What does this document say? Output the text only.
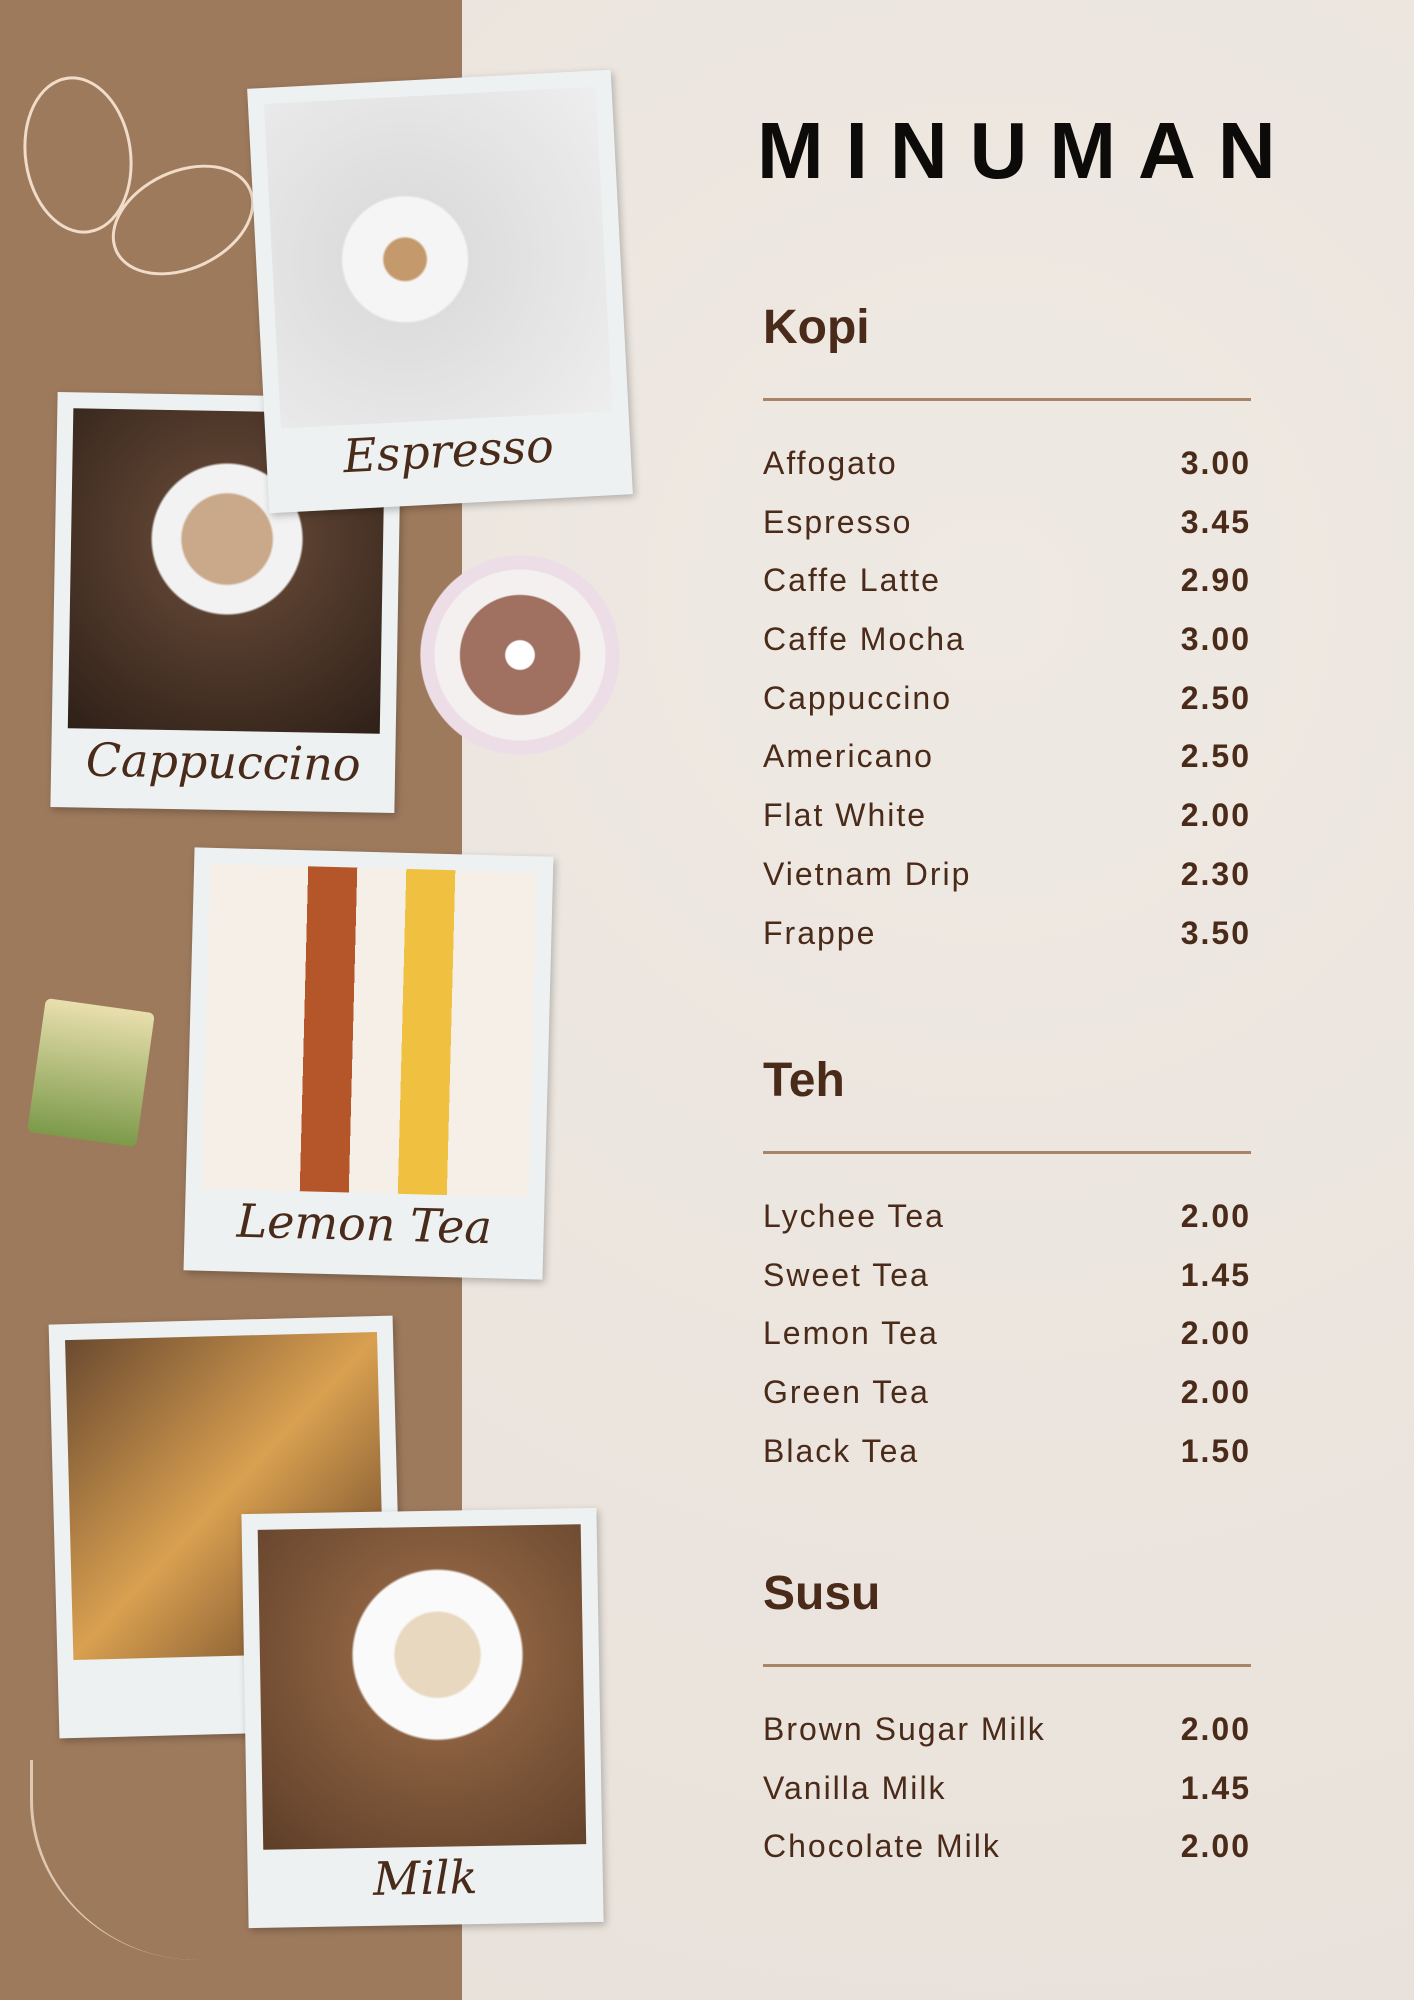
Cappuccino
Espresso
Lemon Tea
Milk
MINUMAN
Kopi
Affogato	3.00
Espresso	3.45
Caffe Latte	2.90
Caffe Mocha	3.00
Cappuccino	2.50
Americano	2.50
Flat White	2.00
Vietnam Drip	2.30
Frappe	3.50
Teh
Lychee Tea	2.00
Sweet Tea	1.45
Lemon Tea	2.00
Green Tea	2.00
Black Tea	1.50
Susu
Brown Sugar Milk	2.00
Vanilla Milk	1.45
Chocolate Milk	2.00
